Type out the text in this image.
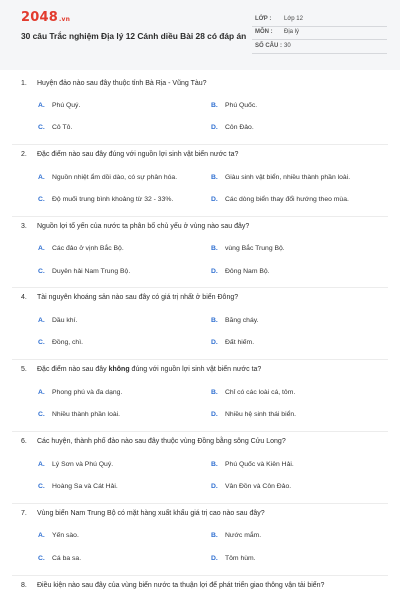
2048.vn
30 câu Trắc nghiệm Địa lý 12 Cánh diều Bài 28 có đáp án
LỚP : Lớp 12
MÔN : Địa lý
SỐ CÂU : 30
1. Huyện đảo nào sau đây thuộc tỉnh Bà Rịa - Vũng Tàu?
A. Phú Quý.	B. Phú Quốc.
C. Cô Tô.	D. Côn Đảo.
2. Đặc điểm nào sau đây đúng với nguồn lợi sinh vật biển nước ta?
A. Nguồn nhiệt ẩm dồi dào, có sự phân hóa.	B. Giàu sinh vật biển, nhiều thành phần loài.
C. Độ muối trung bình khoảng từ 32 - 33%.	D. Các dòng biển thay đổi hướng theo mùa.
3. Nguồn lợi tổ yến của nước ta phân bố chủ yếu ở vùng nào sau đây?
A. Các đảo ở vịnh Bắc Bộ.	B. vùng Bắc Trung Bộ.
C. Duyên hải Nam Trung Bộ.	D. Đông Nam Bộ.
4. Tài nguyên khoáng sản nào sau đây có giá trị nhất ở biển Đông?
A. Dầu khí.	B. Băng cháy.
C. Đồng, chì.	D. Đất hiếm.
5. Đặc điểm nào sau đây không đúng với nguồn lợi sinh vật biển nước ta?
A. Phong phú và đa dạng.	B. Chỉ có các loài cá, tôm.
C. Nhiều thành phần loài.	D. Nhiều hệ sinh thái biển.
6. Các huyện, thành phố đảo nào sau đây thuộc vùng Đồng bằng sông Cửu Long?
A. Lý Sơn và Phú Quý.	B. Phú Quốc và Kiên Hải.
C. Hoàng Sa và Cát Hải.	D. Vân Đồn và Côn Đảo.
7. Vùng biển Nam Trung Bộ có mặt hàng xuất khẩu giá trị cao nào sau đây?
A. Yến sào.	B. Nước mắm.
C. Cá ba sa.	D. Tôm hùm.
8. Điều kiện nào sau đây của vùng biển nước ta thuận lợi để phát triển giao thông vận tải biển?
